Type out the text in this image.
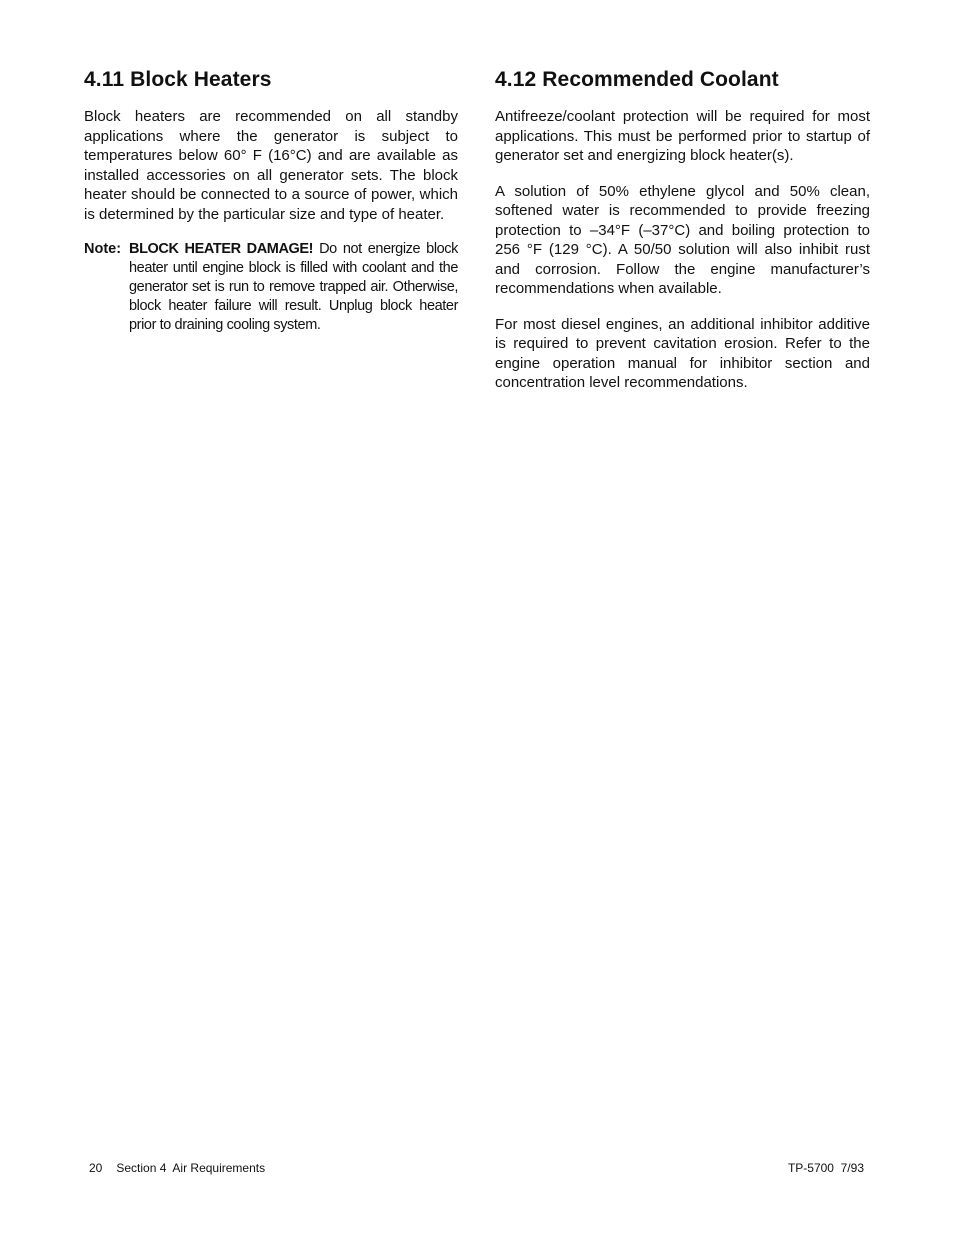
4.11 Block Heaters

Block heaters are recommended on all standby applications where the generator is subject to temperatures below 60° F (16°C) and are available as installed accessories on all generator sets. The block heater should be connected to a source of power, which is determined by the particular size and type of heater.

Note: BLOCK HEATER DAMAGE! Do not energize block heater until engine block is filled with coolant and the generator set is run to remove trapped air. Otherwise, block heater failure will result. Unplug block heater prior to draining cooling system.
4.12 Recommended Coolant

Antifreeze/coolant protection will be required for most applications. This must be performed prior to startup of generator set and energizing block heater(s).

A solution of 50% ethylene glycol and 50% clean, softened water is recommended to provide freezing protection to –34°F (–37°C) and boiling protection to 256 °F (129 °C). A 50/50 solution will also inhibit rust and corrosion. Follow the engine manufacturer’s recommendations when available.

For most diesel engines, an additional inhibitor additive is required to prevent cavitation erosion. Refer to the engine operation manual for inhibitor section and concentration level recommendations.

20 Section 4  Air Requirements	TP-5700  7/93
